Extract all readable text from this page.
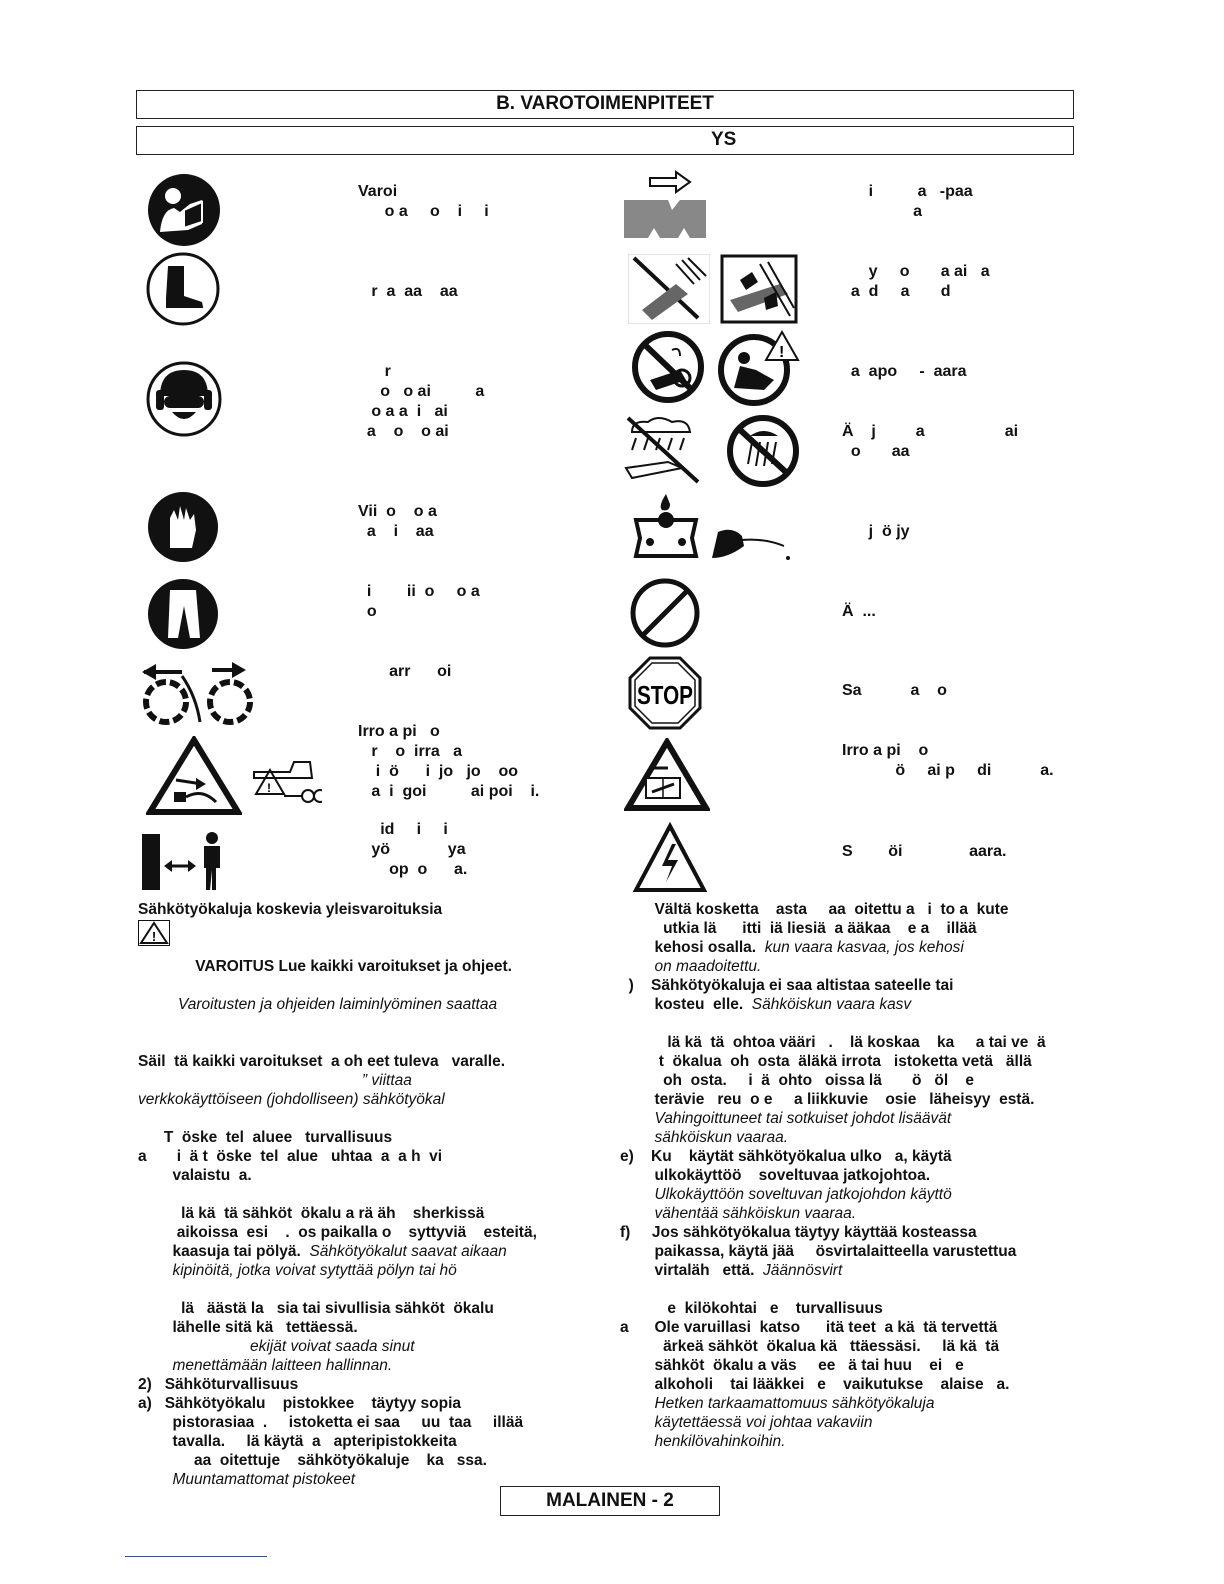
B. VAROTOIMENPITEET
YS
!
Varoi
o a     o    i     i
r  a  aa    aa
r
o   o ai          a
o a a  i   ai
a    o    o ai
Vii  o    o a
a    i    aa
i        ii  o     o a
o
arr      oi
Irro a pi   o
r    o  irra   a
i  ö      i  jo   jo    oo
a  i  goi          ai poi    i.
id     i     i
yö             ya
op  o      a.
!
STOP
i          a   -paa
a
y     o       a ai   a
a  d     a       d
a  apo     -  aara
Ä    j         a                  ai
o       aa
j  ö jy
Ä  ...
Sa           a    o
Irro a pi    o
ö     ai p     di           a.
S        öi               aara.
Sähkötyökaluja koskevia yleisvaroituksia

!

VAROITUS Lue kaikki varoitukset ja ohjeet.

Varoitusten ja ohjeiden laiminlyöminen saattaa
Säil  tä kaikki varoitukset  a oh eet tuleva   varalle.
” viittaa
verkkokäyttöiseen (johdolliseen) sähkötyökal
T  öske  tel  aluee   turvallisuus
a       i  ä t  öske  tel  alue   uhtaa  a  a h  vi
valaistu  a.
lä kä  tä sähköt  ökalu a rä äh    sherkissä
aikoissa  esi    .  os paikalla o    syttyviä    esteitä,
kaasuja tai pölyä.  Sähkötyökalut saavat aikaan
kipinöitä, jotka voivat sytyttää pölyn tai hö
lä   äästä la   sia tai sivullisia sähköt  ökalu
lähelle sitä kä   tettäessä.
ekijät voivat saada sinut
menettämään laitteen hallinnan.
2)   Sähköturvallisuus
a)   Sähkötyökalu    pistokkee    täytyy sopia
pistorasiaa  .     istoketta ei saa     uu  taa     illää
tavalla.     lä käytä  a   apteripistokkeita
aa  oitettuje    sähkötyökaluje    ka   ssa.
Muuntamattomat pistokeet
Vältä kosketta    asta     aa  oitettu a   i  to a  kute
utkia lä      itti  iä liesiä  a ääkaa    e a    illää
kehosi osalla.  kun vaara kasvaa, jos kehosi
on maadoitettu.
)    Sähkötyökaluja ei saa altistaa sateelle tai
kosteu  elle.  Sähköiskun vaara kasv
lä kä  tä  ohtoa vääri   .    lä koskaa    ka     a tai ve  ä
t  ökalua  oh  osta  äläkä irrota   istoketta vetä   ällä
oh  osta.     i  ä  ohto   oissa lä       ö   öl    e
terävie   reu  o e     a liikkuvie    osie   läheisyy  estä.
Vahingoittuneet tai sotkuiset johdot lisäävät
sähköiskun vaaraa.
e)    Ku    käytät sähkötyökalua ulko   a, käytä
ulkokäyttöö    soveltuvaa jatkojohtoa.
Ulkokäyttöön soveltuvan jatkojohdon käyttö
vähentää sähköiskun vaaraa.
f)     Jos sähkötyökalua täytyy käyttää kosteassa
paikassa, käytä jää     ösvirtalaitteella varustettua
virtaläh   että.  Jäännösvirt
e  kilökohtai   e    turvallisuus
a      Ole varuillasi  katso      itä teet  a kä  tä tervettä
ärkeä sähköt  ökalua kä   ttäessäsi.     lä kä  tä
sähköt  ökalu a väs     ee   ä tai huu    ei   e
alkoholi    tai lääkkei   e    vaikutukse    alaise   a.
Hetken tarkaamattomuus sähkötyökaluja
käytettäessä voi johtaa vakaviin
henkilövahinkoihin.
MALAINEN - 2
